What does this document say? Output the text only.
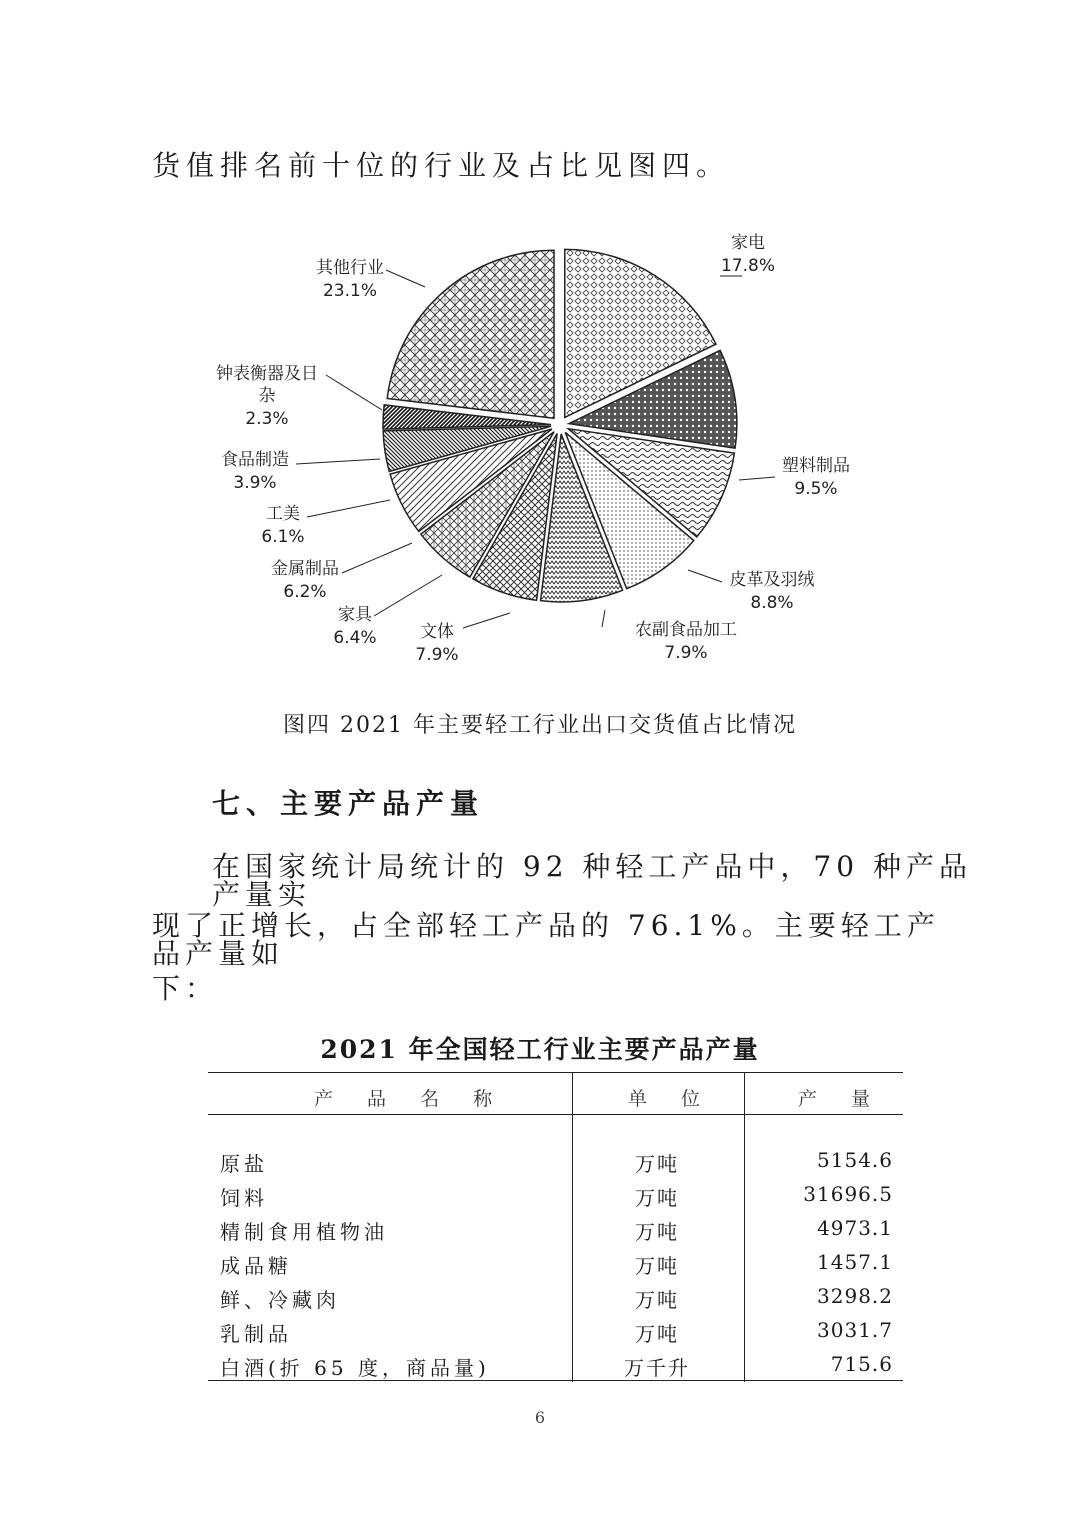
货值排名前十位的行业及占比见图四。
家电
17.8%
塑料制品
9.5%
皮革及羽绒
8.8%
农副食品加工
7.9%
文体
7.9%
家具
6.4%
金属制品
6.2%
工美
6.1%
食品制造
3.9%
钟表衡器及日
杂
2.3%
其他行业
23.1%
图四 2021 年主要轻工行业出口交货值占比情况
七、主要产品产量
在国家统计局统计的 92 种轻工产品中，70 种产品产量实
现了正增长，占全部轻工产品的 76.1%。主要轻工产品产量如
下：
2021 年全国轻工行业主要产品产量
产 品 名 称	单 位	产 量
原盐	万吨	5154.6
饲料	万吨	31696.5
精制食用植物油	万吨	4973.1
成品糖	万吨	1457.1
鲜、冷藏肉	万吨	3298.2
乳制品	万吨	3031.7
白酒(折 65 度，商品量)	万千升	715.6
6
